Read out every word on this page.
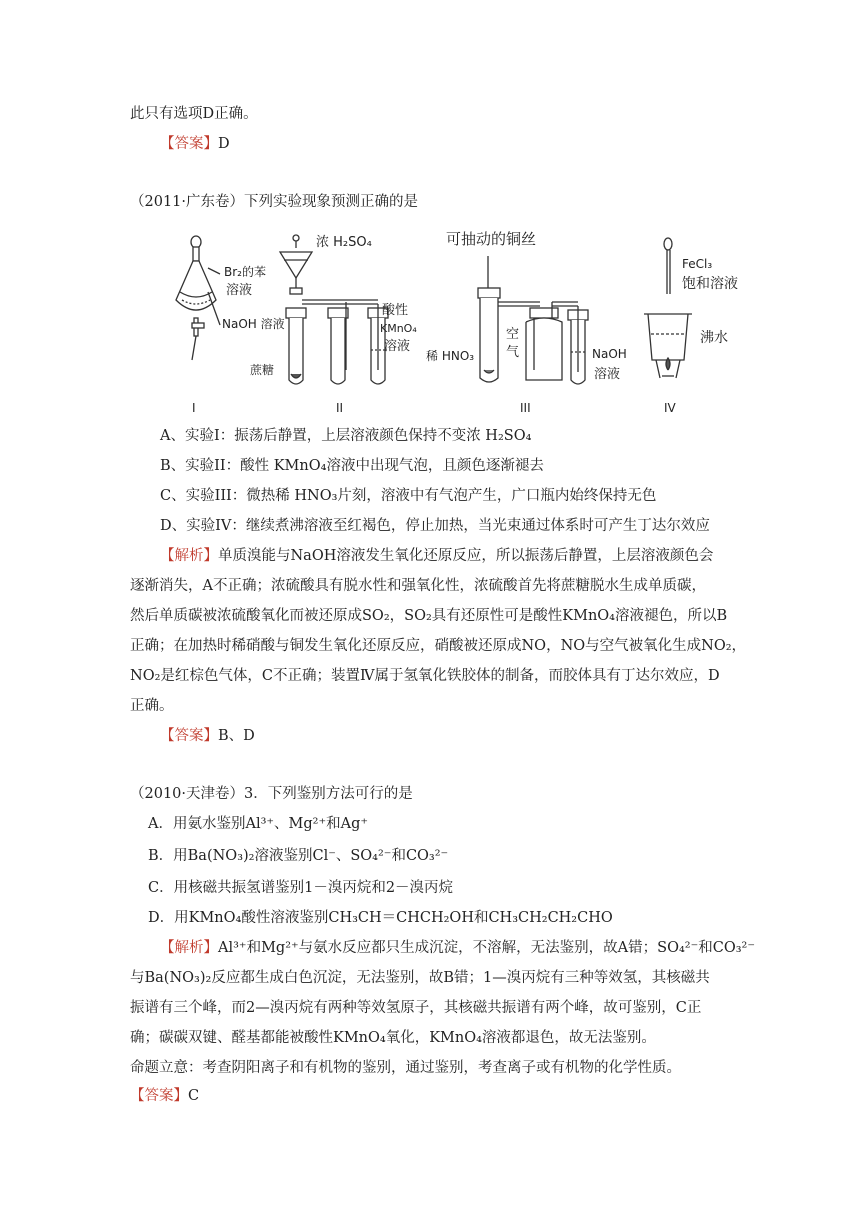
此只有选项D正确。
【答案】D
（2011·广东卷）下列实验现象预测正确的是
Br₂的苯
溶液
NaOH 溶液
I
浓 H₂SO₄
酸性
KMnO₄
溶液
蔗糖
II
可抽动的铜丝
稀 HNO₃
空
气	NaOH
溶液
III
FeCl₃
饱和溶液
沸水
IV
A、实验I：振荡后静置，上层溶液颜色保持不变浓 H₂SO₄
B、实验II：酸性 KMnO₄溶液中出现气泡，且颜色逐渐褪去
C、实验III：微热稀 HNO₃片刻，溶液中有气泡产生，广口瓶内始终保持无色
D、实验IV：继续煮沸溶液至红褐色，停止加热，当光束通过体系时可产生丁达尔效应
【解析】单质溴能与NaOH溶液发生氧化还原反应，所以振荡后静置，上层溶液颜色会
逐渐消失，A不正确；浓硫酸具有脱水性和强氧化性，浓硫酸首先将蔗糖脱水生成单质碳，
然后单质碳被浓硫酸氧化而被还原成SO₂，SO₂具有还原性可是酸性KMnO₄溶液褪色，所以B
正确；在加热时稀硝酸与铜发生氧化还原反应，硝酸被还原成NO，NO与空气被氧化生成NO₂，
NO₂是红棕色气体，C不正确；装置Ⅳ属于氢氧化铁胶体的制备，而胶体具有丁达尔效应，D
正确。
【答案】B、D
（2010·天津卷）3．下列鉴别方法可行的是
A．用氨水鉴别Al³⁺、Mg²⁺和Ag⁺
B．用Ba(NO₃)₂溶液鉴别Cl⁻、SO₄²⁻和CO₃²⁻
C．用核磁共振氢谱鉴别1－溴丙烷和2－溴丙烷
D．用KMnO₄酸性溶液鉴别CH₃CH＝CHCH₂OH和CH₃CH₂CH₂CHO
【解析】Al³⁺和Mg²⁺与氨水反应都只生成沉淀，不溶解，无法鉴别，故A错；SO₄²⁻和CO₃²⁻
与Ba(NO₃)₂反应都生成白色沉淀，无法鉴别，故B错；1—溴丙烷有三种等效氢，其核磁共
振谱有三个峰，而2—溴丙烷有两种等效氢原子，其核磁共振谱有两个峰，故可鉴别，C正
确；碳碳双键、醛基都能被酸性KMnO₄氧化，KMnO₄溶液都退色，故无法鉴别。
命题立意：考查阴阳离子和有机物的鉴别，通过鉴别，考查离子或有机物的化学性质。
【答案】C
